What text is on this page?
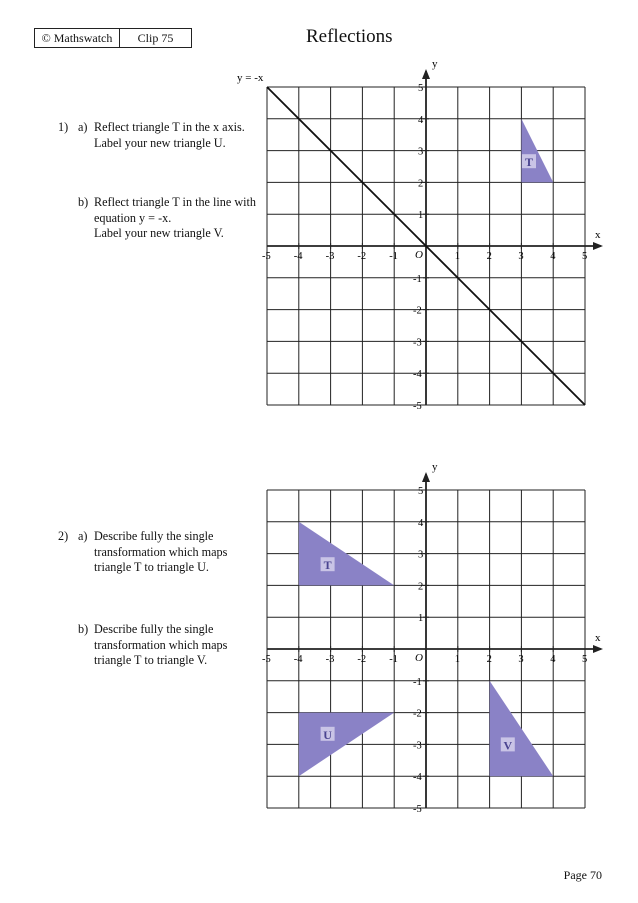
© Mathswatch	Clip 75	Reflections
1) a) Reflect triangle T in the x axis.
Label your new triangle U.
b) Reflect triangle T in the line with
equation y = -x.
Label your new triangle V.
2) a) Describe fully the single
transformation which maps
triangle T to triangle U.
b) Describe fully the single
transformation which maps
triangle T to triangle V.
x
y
O
-5 -4 -3 -2 -1	1	2	3	4	5
5
4
3
2
1
-1
-2
-3
-4
-5
y = -x
T
x
y
O
-5 -4 -3 -2 -1	1	2	3	4	5
5
4
3
2
1
-1
-2
-3
-4
-5
T
U
V
Page 70
